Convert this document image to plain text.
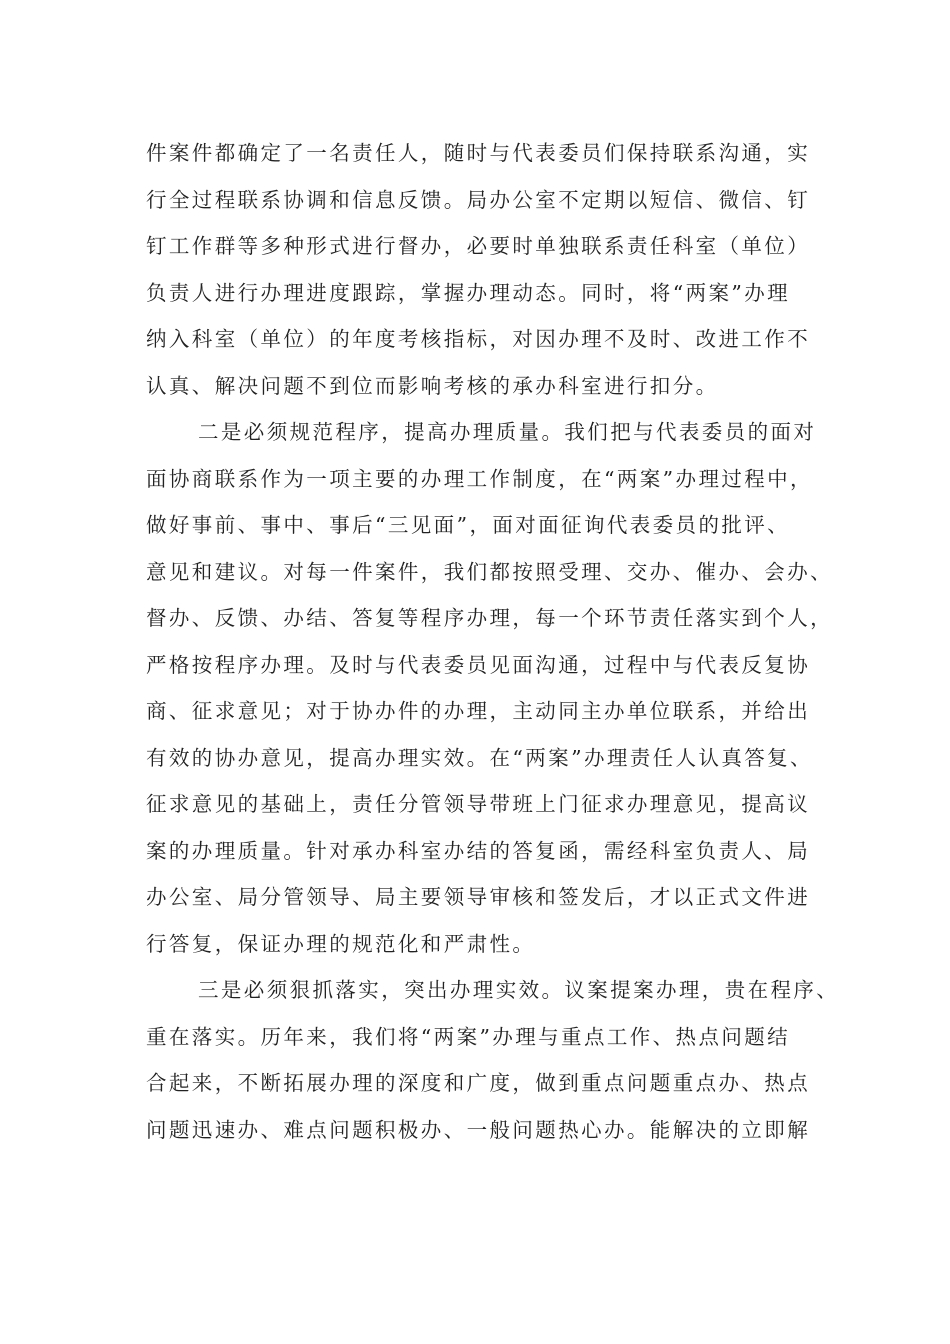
件案件都确定了一名责任人，随时与代表委员们保持联系沟通，实
行全过程联系协调和信息反馈。局办公室不定期以短信、微信、钉
钉工作群等多种形式进行督办，必要时单独联系责任科室（单位）
负责人进行办理进度跟踪，掌握办理动态。同时，将“两案”办理
纳入科室（单位）的年度考核指标，对因办理不及时、改进工作不
认真、解决问题不到位而影响考核的承办科室进行扣分。
二是必须规范程序，提高办理质量。我们把与代表委员的面对
面协商联系作为一项主要的办理工作制度，在“两案”办理过程中，
做好事前、事中、事后“三见面”，面对面征询代表委员的批评、
意见和建议。对每一件案件，我们都按照受理、交办、催办、会办、
督办、反馈、办结、答复等程序办理，每一个环节责任落实到个人，
严格按程序办理。及时与代表委员见面沟通，过程中与代表反复协
商、征求意见；对于协办件的办理，主动同主办单位联系，并给出
有效的协办意见，提高办理实效。在“两案”办理责任人认真答复、
征求意见的基础上，责任分管领导带班上门征求办理意见，提高议
案的办理质量。针对承办科室办结的答复函，需经科室负责人、局
办公室、局分管领导、局主要领导审核和签发后，才以正式文件进
行答复，保证办理的规范化和严肃性。
三是必须狠抓落实，突出办理实效。议案提案办理，贵在程序、
重在落实。历年来，我们将“两案”办理与重点工作、热点问题结
合起来，不断拓展办理的深度和广度，做到重点问题重点办、热点
问题迅速办、难点问题积极办、一般问题热心办。能解决的立即解
